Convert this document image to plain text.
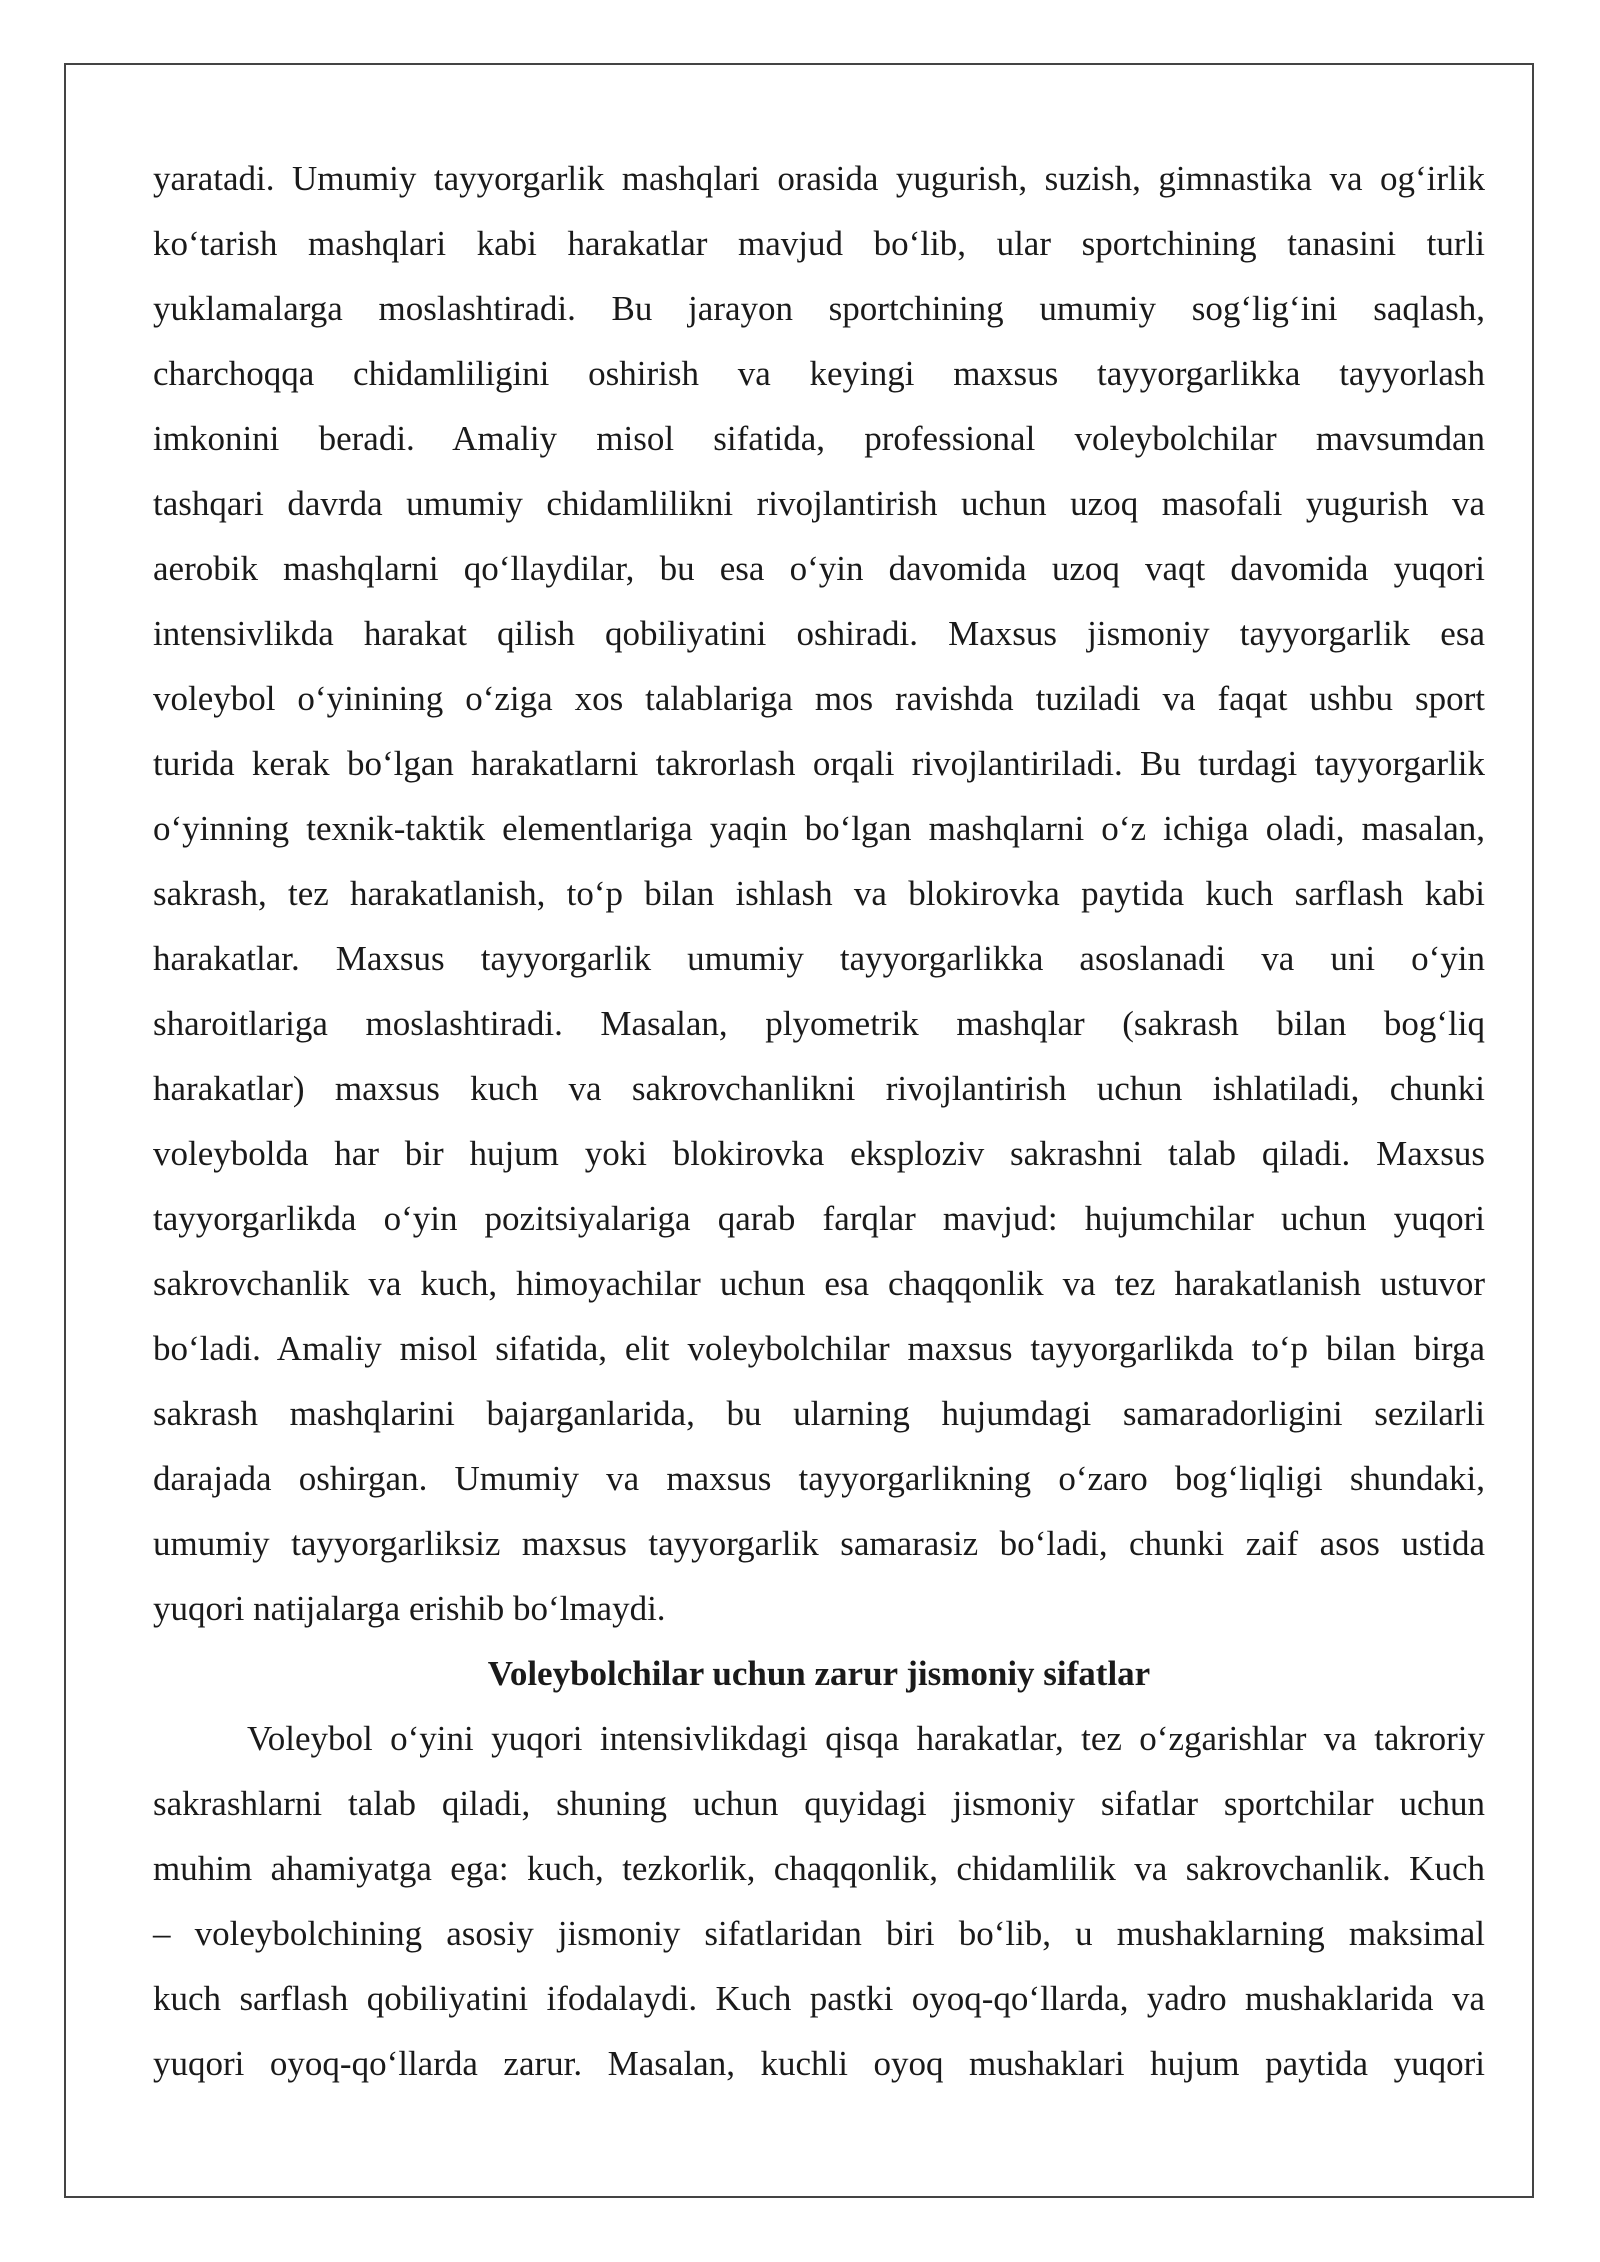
yaratadi. Umumiy tayyorgarlik mashqlari orasida yugurish, suzish, gimnastika va og‘irlik
ko‘tarish mashqlari kabi harakatlar mavjud bo‘lib, ular sportchining tanasini turli
yuklamalarga moslashtiradi. Bu jarayon sportchining umumiy sog‘lig‘ini saqlash,
charchoqqa chidamliligini oshirish va keyingi maxsus tayyorgarlikka tayyorlash
imkonini beradi. Amaliy misol sifatida, professional voleybolchilar mavsumdan
tashqari davrda umumiy chidamlilikni rivojlantirish uchun uzoq masofali yugurish va
aerobik mashqlarni qo‘llaydilar, bu esa o‘yin davomida uzoq vaqt davomida yuqori
intensivlikda harakat qilish qobiliyatini oshiradi. Maxsus jismoniy tayyorgarlik esa
voleybol o‘yinining o‘ziga xos talablariga mos ravishda tuziladi va faqat ushbu sport
turida kerak bo‘lgan harakatlarni takrorlash orqali rivojlantiriladi. Bu turdagi tayyorgarlik
o‘yinning texnik-taktik elementlariga yaqin bo‘lgan mashqlarni o‘z ichiga oladi, masalan,
sakrash, tez harakatlanish, to‘p bilan ishlash va blokirovka paytida kuch sarflash kabi
harakatlar. Maxsus tayyorgarlik umumiy tayyorgarlikka asoslanadi va uni o‘yin
sharoitlariga moslashtiradi. Masalan, plyometrik mashqlar (sakrash bilan bog‘liq
harakatlar) maxsus kuch va sakrovchanlikni rivojlantirish uchun ishlatiladi, chunki
voleybolda har bir hujum yoki blokirovka eksploziv sakrashni talab qiladi. Maxsus
tayyorgarlikda o‘yin pozitsiyalariga qarab farqlar mavjud: hujumchilar uchun yuqori
sakrovchanlik va kuch, himoyachilar uchun esa chaqqonlik va tez harakatlanish ustuvor
bo‘ladi. Amaliy misol sifatida, elit voleybolchilar maxsus tayyorgarlikda to‘p bilan birga
sakrash mashqlarini bajarganlarida, bu ularning hujumdagi samaradorligini sezilarli
darajada oshirgan. Umumiy va maxsus tayyorgarlikning o‘zaro bog‘liqligi shundaki,
umumiy tayyorgarliksiz maxsus tayyorgarlik samarasiz bo‘ladi, chunki zaif asos ustida
yuqori natijalarga erishib bo‘lmaydi.
Voleybolchilar uchun zarur jismoniy sifatlar
Voleybol o‘yini yuqori intensivlikdagi qisqa harakatlar, tez o‘zgarishlar va takroriy
sakrashlarni talab qiladi, shuning uchun quyidagi jismoniy sifatlar sportchilar uchun
muhim ahamiyatga ega: kuch, tezkorlik, chaqqonlik, chidamlilik va sakrovchanlik. Kuch
– voleybolchining asosiy jismoniy sifatlaridan biri bo‘lib, u mushaklarning maksimal
kuch sarflash qobiliyatini ifodalaydi. Kuch pastki oyoq-qo‘llarda, yadro mushaklarida va
yuqori oyoq-qo‘llarda zarur. Masalan, kuchli oyoq mushaklari hujum paytida yuqori
